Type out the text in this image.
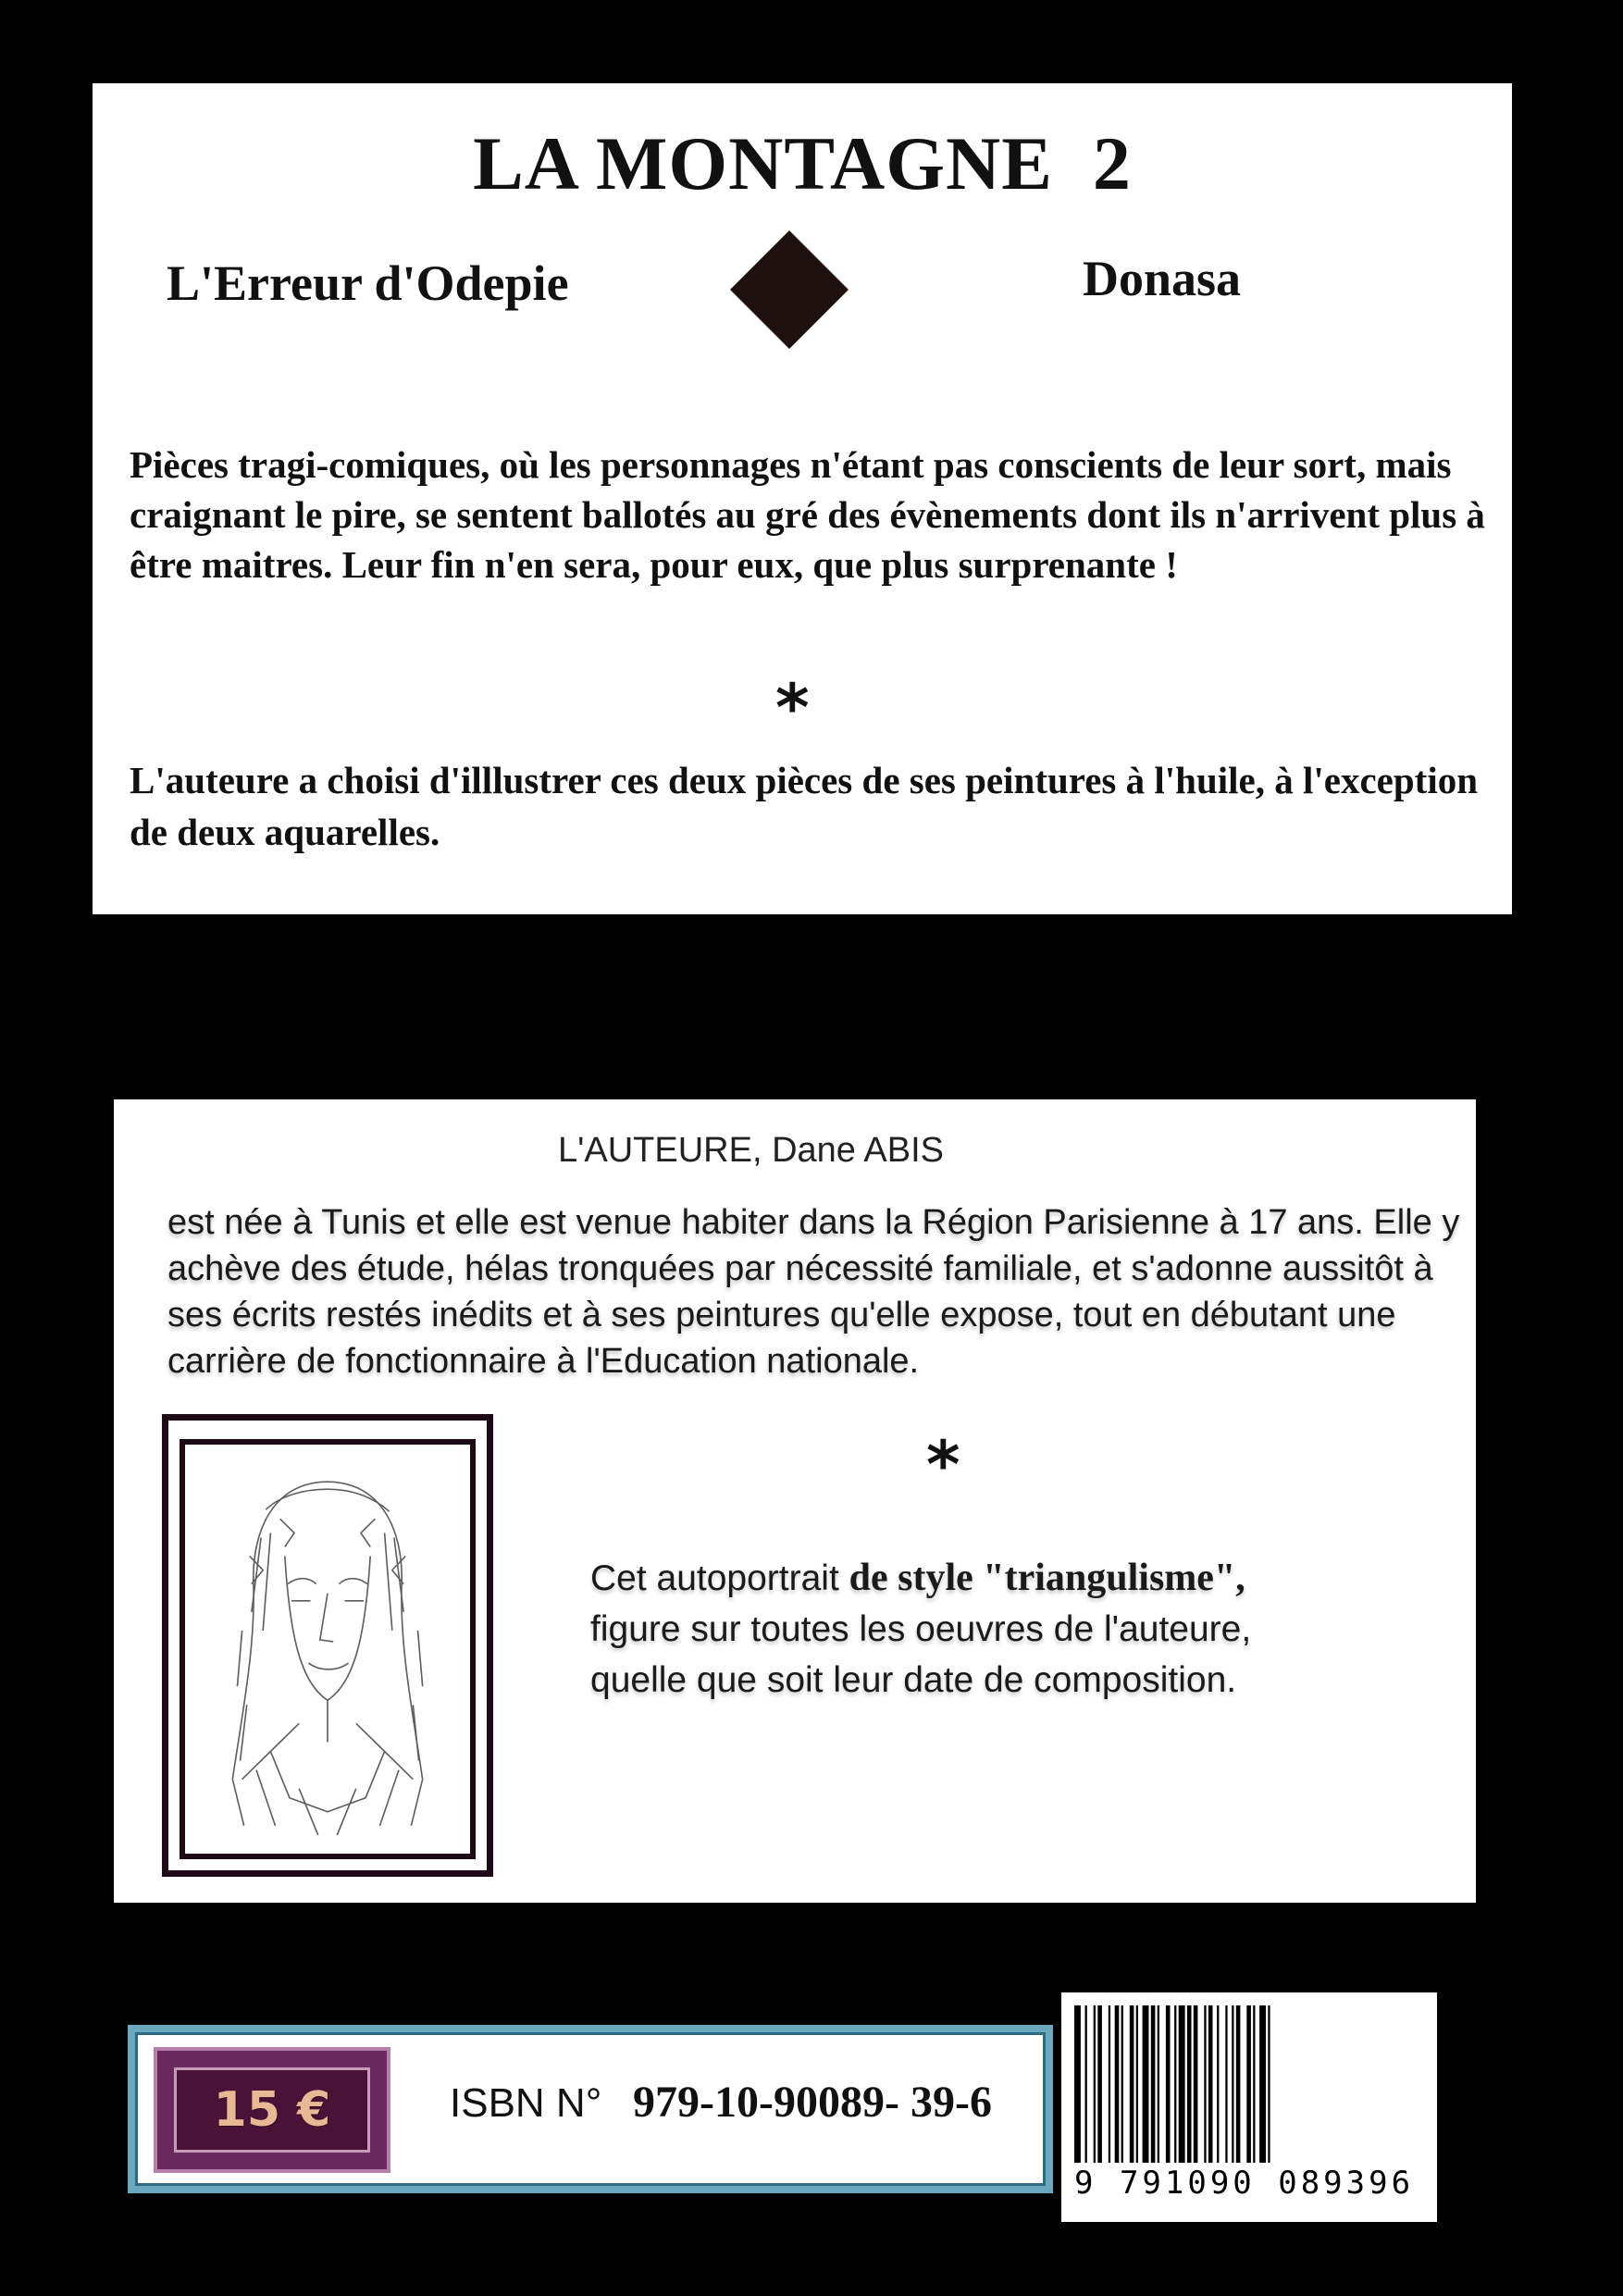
LA MONTAGNE  2
L'Erreur d'Odepie	Donasa

Pièces tragi-comiques, où les personnages n'étant pas conscients de leur sort, mais craignant le pire, se sentent ballotés au gré des évènements dont ils n'arrivent plus à être maitres. Leur fin n'en sera, pour eux, que plus surprenante !

*

L'auteure a choisi d'illlustrer ces deux pièces de ses peintures à l'huile, à l'exception de deux aquarelles.

L'AUTEURE, Dane ABIS

est née à Tunis et elle est venue habiter dans la Région Parisienne à 17 ans. Elle y achève des étude, hélas tronquées par nécessité familiale, et s'adonne aussitôt à ses écrits restés inédits et à ses peintures qu'elle expose, tout en débutant une carrière de fonctionnaire à l'Education nationale.

*
Cet autoportrait de style "triangulisme",
figure sur toutes les oeuvres de l'auteure,
quelle que soit leur date de composition.
15 €	ISBN N° 979-10-90089- 39-6
9 791090 089396
